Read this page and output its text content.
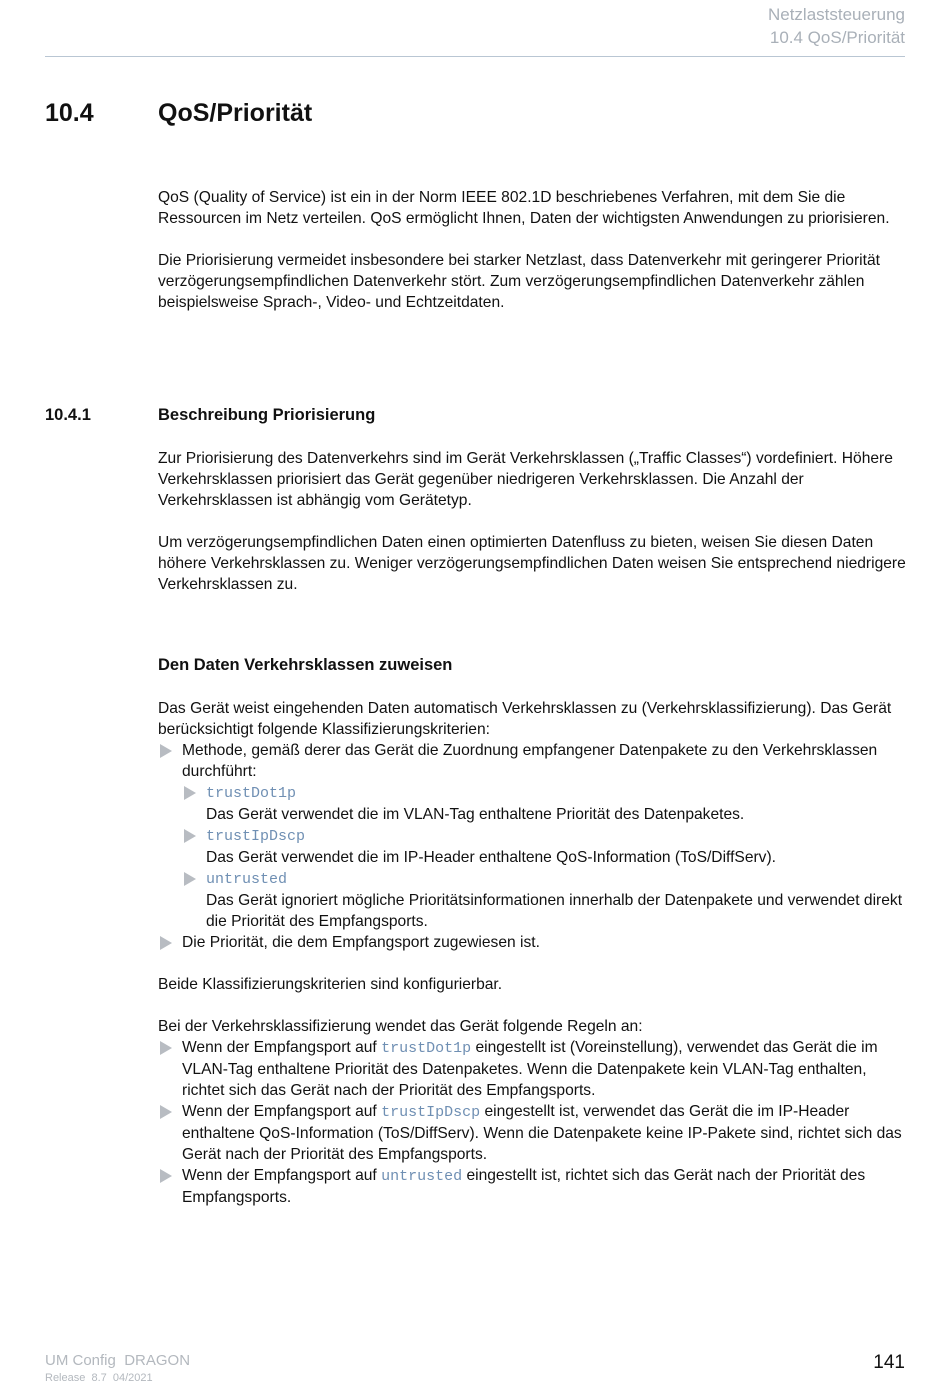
Netzlaststeuerung
10.4 QoS/Priorität
10.4	QoS/Priorität

QoS (Quality of Service) ist ein in der Norm IEEE 802.1D beschriebenes Verfahren, mit dem Sie die Ressourcen im Netz verteilen. QoS ermöglicht Ihnen, Daten der wichtigsten Anwendungen zu priorisieren.

Die Priorisierung vermeidet insbesondere bei starker Netzlast, dass Datenverkehr mit geringerer Priorität verzögerungsempfindlichen Datenverkehr stört. Zum verzögerungsempfindlichen Datenverkehr zählen beispielsweise Sprach-, Video- und Echtzeitdaten.

10.4.1	Beschreibung Priorisierung

Zur Priorisierung des Datenverkehrs sind im Gerät Verkehrsklassen („Traffic Classes“) vordefiniert. Höhere Verkehrsklassen priorisiert das Gerät gegenüber niedrigeren Verkehrsklassen. Die Anzahl der Verkehrsklassen ist abhängig vom Gerätetyp.

Um verzögerungsempfindlichen Daten einen optimierten Datenfluss zu bieten, weisen Sie diesen Daten höhere Verkehrsklassen zu. Weniger verzögerungsempfindlichen Daten weisen Sie entsprechend niedrigere Verkehrsklassen zu.

Den Daten Verkehrsklassen zuweisen

Das Gerät weist eingehenden Daten automatisch Verkehrsklassen zu (Verkehrsklassifizierung). Das Gerät berücksichtigt folgende Klassifizierungskriterien:

Methode, gemäß derer das Gerät die Zuordnung empfangener Datenpakete zu den Verkehrsklassen durchführt:
trustDot1p
Das Gerät verwendet die im VLAN-Tag enthaltene Priorität des Datenpaketes.
trustIpDscp
Das Gerät verwendet die im IP-Header enthaltene QoS-Information (ToS/DiffServ).
untrusted
Das Gerät ignoriert mögliche Prioritätsinformationen innerhalb der Datenpakete und verwendet direkt die Priorität des Empfangsports.
Die Priorität, die dem Empfangsport zugewiesen ist.

Beide Klassifizierungskriterien sind konfigurierbar.

Bei der Verkehrsklassifizierung wendet das Gerät folgende Regeln an:

Wenn der Empfangsport auf trustDot1p eingestellt ist (Voreinstellung), verwendet das Gerät die im VLAN-Tag enthaltene Priorität des Datenpaketes. Wenn die Datenpakete kein VLAN-Tag enthalten, richtet sich das Gerät nach der Priorität des Empfangsports.
Wenn der Empfangsport auf trustIpDscp eingestellt ist, verwendet das Gerät die im IP-Header enthaltene QoS-Information (ToS/DiffServ). Wenn die Datenpakete keine IP-Pakete sind, richtet sich das Gerät nach der Priorität des Empfangsports.
Wenn der Empfangsport auf untrusted eingestellt ist, richtet sich das Gerät nach der Priorität des Empfangsports.
UM Config  DRAGON
Release  8.7  04/2021
141
